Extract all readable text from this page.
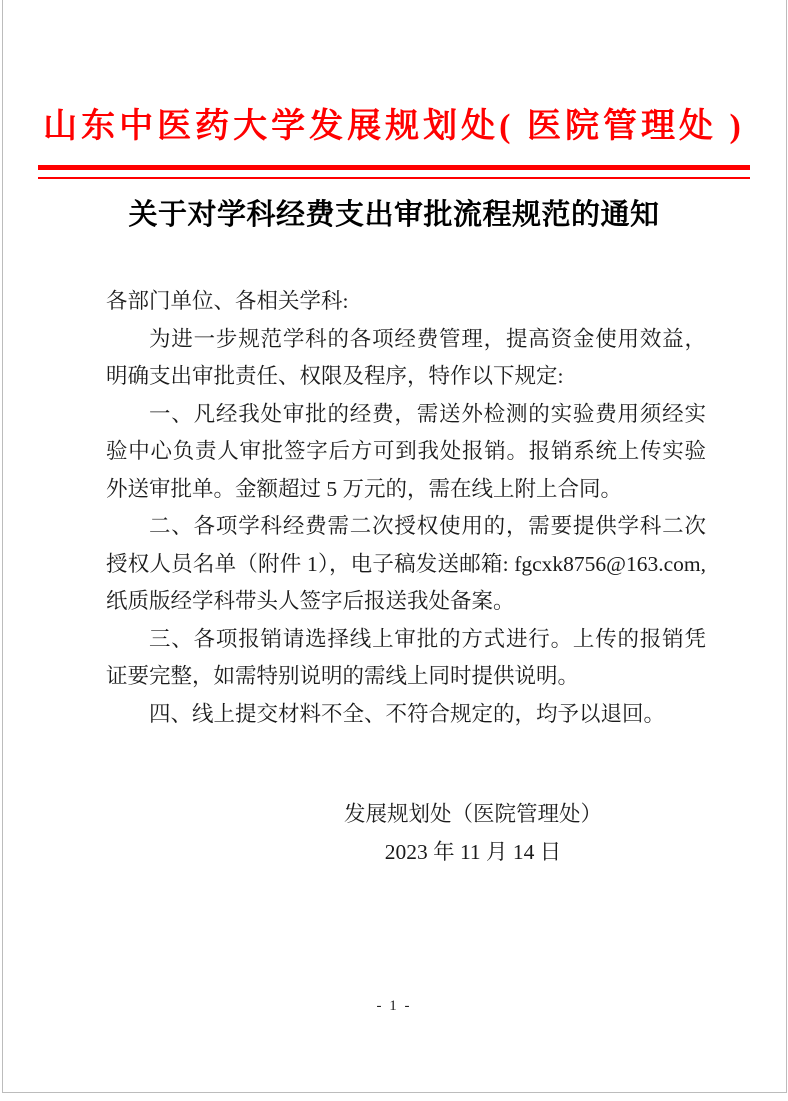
山东中医药大学发展规划处( 医院管理处 )
关于对学科经费支出审批流程规范的通知

各部门单位、各相关学科:

为进一步规范学科的各项经费管理，提高资金使用效益，明确支出审批责任、权限及程序，特作以下规定:

一、凡经我处审批的经费，需送外检测的实验费用须经实验中心负责人审批签字后方可到我处报销。报销系统上传实验外送审批单。金额超过 5 万元的，需在线上附上合同。

二、各项学科经费需二次授权使用的，需要提供学科二次授权人员名单（附件 1），电子稿发送邮箱: fgcxk8756@163.com,纸质版经学科带头人签字后报送我处备案。

三、各项报销请选择线上审批的方式进行。上传的报销凭证要完整，如需特别说明的需线上同时提供说明。

四、线上提交材料不全、不符合规定的，均予以退回。

发展规划处（医院管理处）
2023 年 11 月 14 日
- 1 -
